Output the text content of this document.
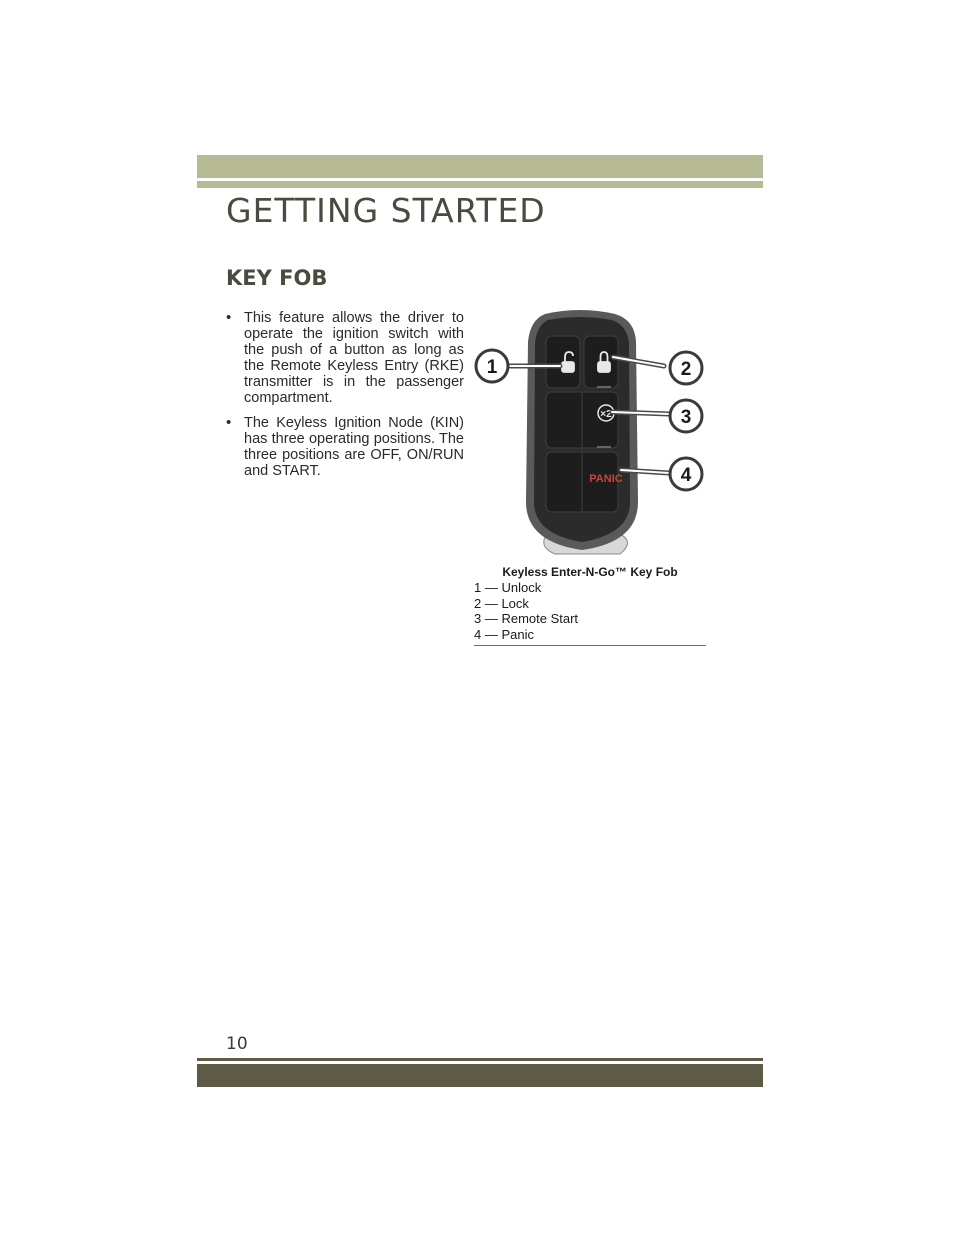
GETTING STARTED
KEY FOB
• This feature allows the driver to operate the ignition switch with the push of a button as long as the Remote Keyless Entry (RKE) transmitter is in the passenger compartment.
• The Keyless Ignition Node (KIN) has three operating positions. The three positions are OFF, ON/RUN and START.
×2
PANIC
1	2
3
4
Keyless Enter-N-Go™ Key Fob
1 — Unlock
2 — Lock
3 — Remote Start
4 — Panic
10
